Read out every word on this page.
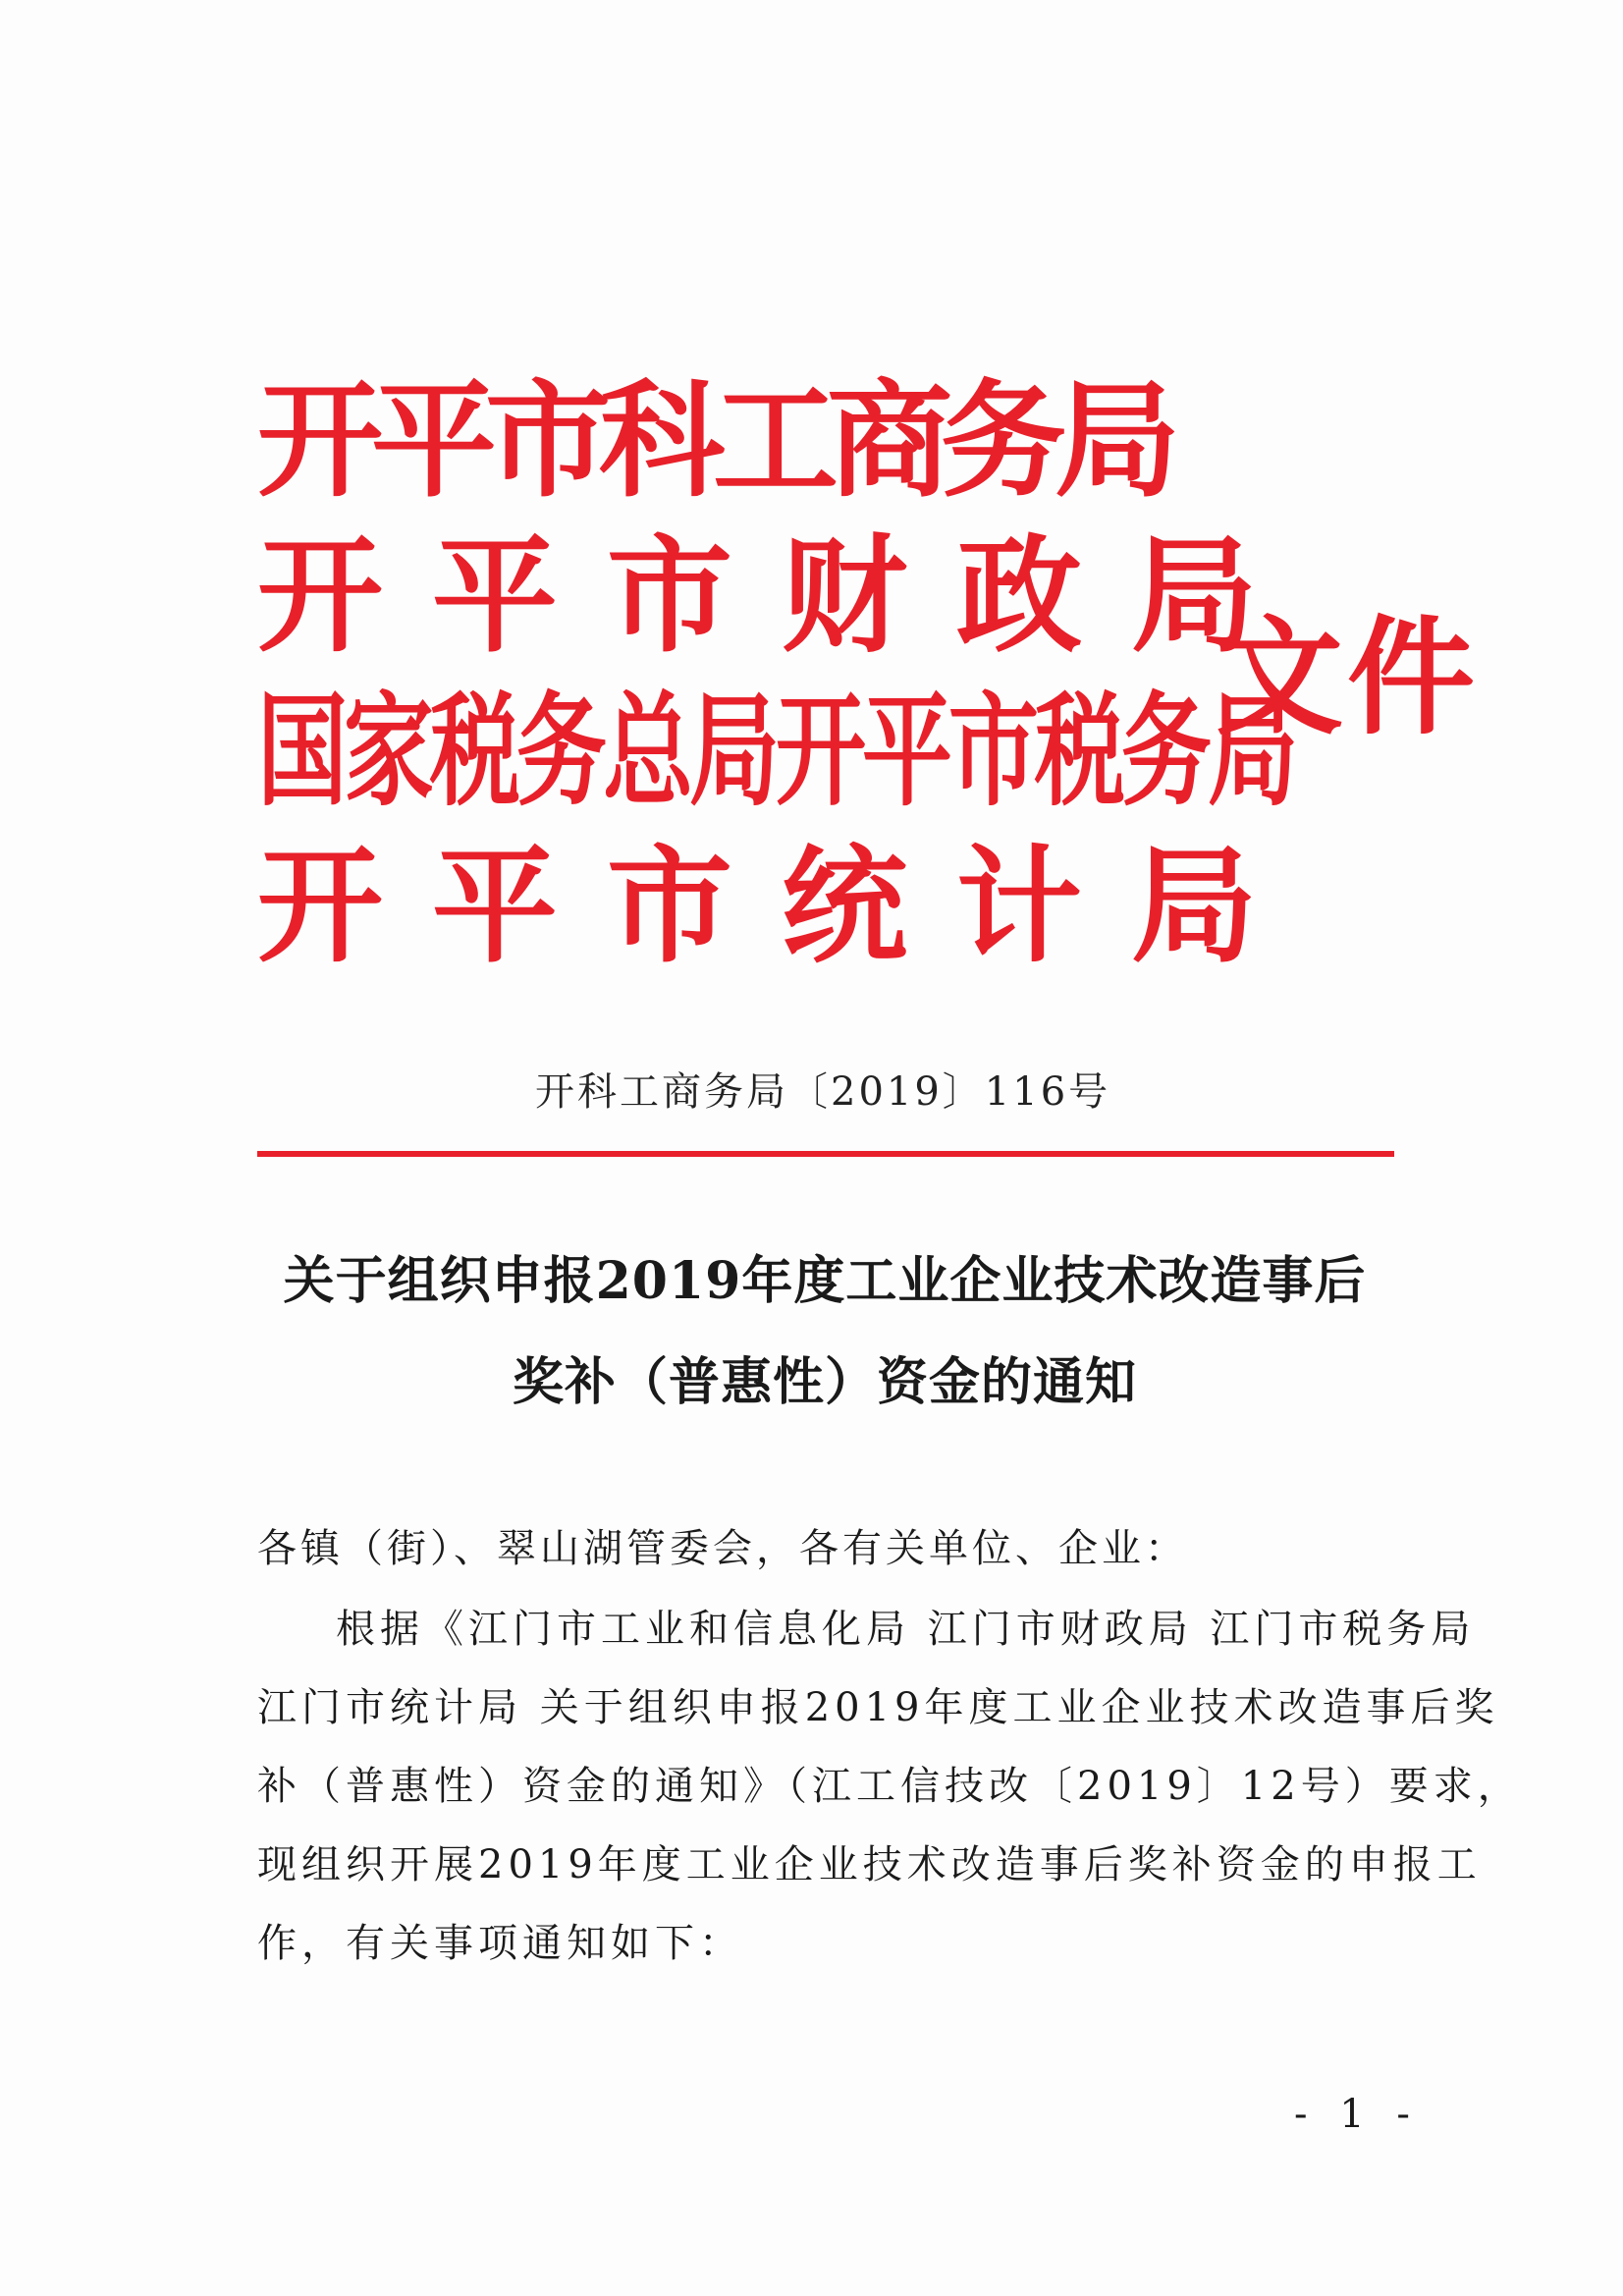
开平市科工商务局
开平市财政局
国家税务总局开平市税务局
开平市统计局
文件
开科工商务局〔2019〕116号
关于组织申报2019年度工业企业技术改造事后
奖补（普惠性）资金的通知
各镇（街）、翠山湖管委会，各有关单位、企业：
根据《江门市工业和信息化局 江门市财政局 江门市税务局
江门市统计局 关于组织申报2019年度工业企业技术改造事后奖
补（普惠性）资金的通知》（江工信技改〔2019〕12号）要求，
现组织开展2019年度工业企业技术改造事后奖补资金的申报工
作，有关事项通知如下：
- 1 -
